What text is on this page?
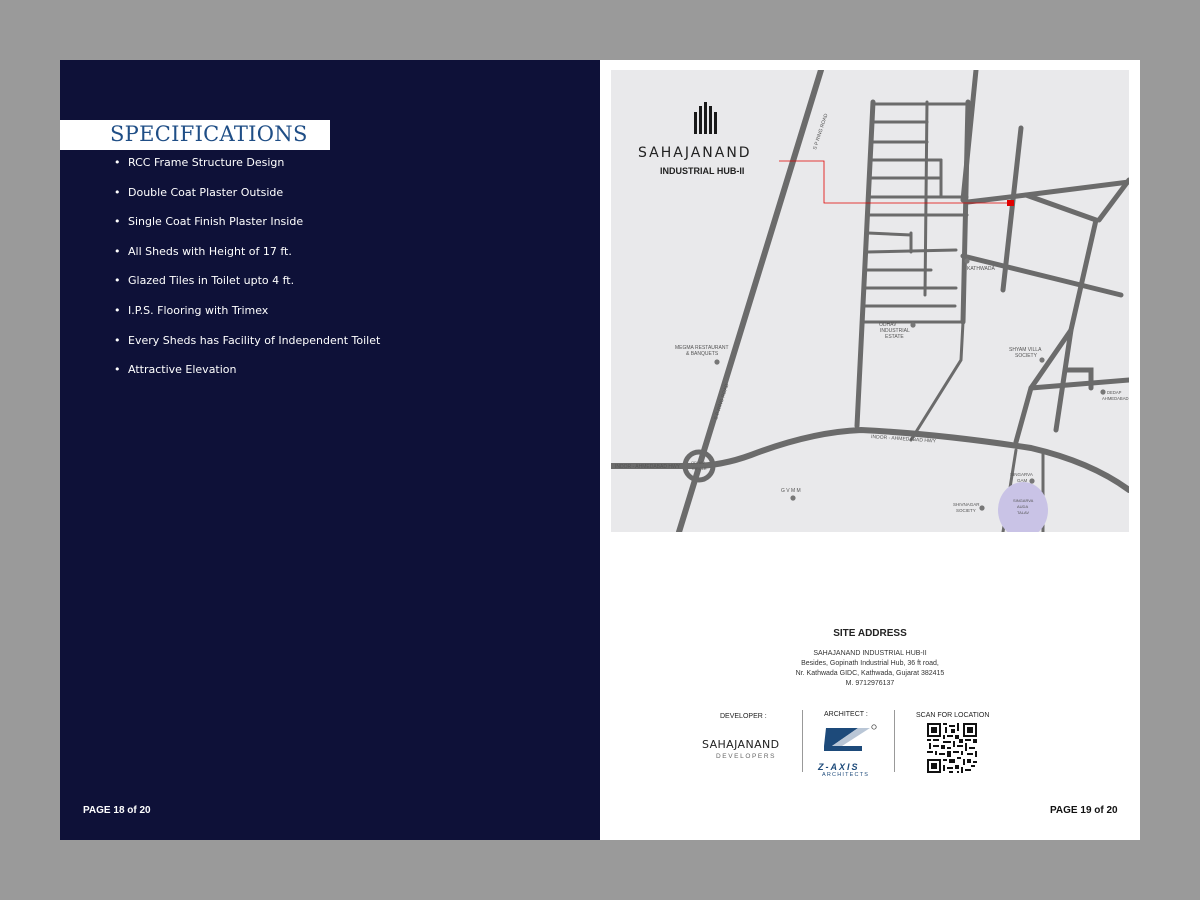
SPECIFICATIONS
• RCC Frame Structure Design
• Double Coat Plaster Outside
• Single Coat Finish Plaster Inside
• All Sheds with Height of 17 ft.
• Glazed Tiles in Toilet upto 4 ft.
• I.P.S. Flooring with Trimex
• Every Sheds has Facility of Independent Toilet
• Attractive Elevation
PAGE 18 of 20
S P RING ROAD
S P RING ROAD
INDOR - AHMEDABAD HWY
INDOR - AHMEDABAD HWY
ODHAV
CIRCLE
KATHWADA
ODHAV
INDUSTRIAL
ESTATE
MEGMA RESTAURANT
& BANQUETS
SHYAM VILLA
SOCIETY
DEDAP
AHMEDABAD
SINGARVA
GAM
SHIVNAGAR
SOCIETY
SINGARVA
AUDA
TALAV
G V M M
SAHAJANAND
INDUSTRIAL HUB-II
SITE ADDRESS
SAHAJANAND INDUSTRIAL HUB-II
Besides, Gopinath Industrial Hub, 36 ft road,
Nr. Kathwada GIDC, Kathwada, Gujarat 382415
M. 9712976137
DEVELOPER :
SAHAJANAND
DEVELOPERS
ARCHITECT :
Z-AXIS
ARCHITECTS
SCAN FOR LOCATION
PAGE 19 of 20
